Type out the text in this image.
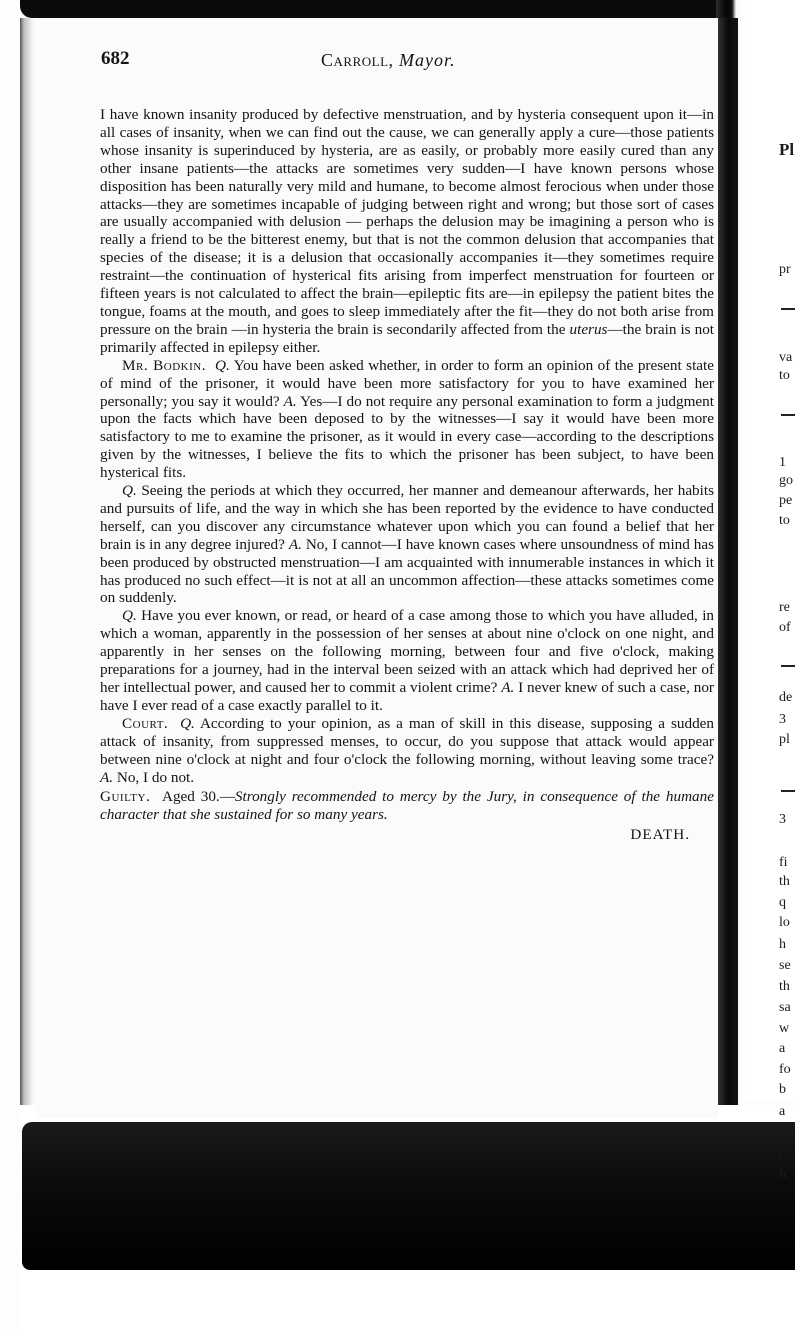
682	Carroll, Mayor.

I have known insanity produced by defective menstruation, and by hysteria consequent upon it—in all cases of insanity, when we can find out the cause, we can generally apply a cure—those patients whose insanity is superinduced by hysteria, are as easily, or probably more easily cured than any other insane patients—the attacks are sometimes very sudden—I have known persons whose disposition has been naturally very mild and humane, to become almost ferocious when under those attacks—they are sometimes incapable of judging between right and wrong; but those sort of cases are usually accompanied with delusion — perhaps the delusion may be imagining a person who is really a friend to be the bitterest enemy, but that is not the common delusion that accompanies that species of the disease; it is a delusion that occasionally accompanies it—they sometimes require restraint—the continuation of hysterical fits arising from imperfect menstruation for fourteen or fifteen years is not calculated to affect the brain—epileptic fits are—in epilepsy the patient bites the tongue, foams at the mouth, and goes to sleep immediately after the fit—they do not both arise from pressure on the brain —in hysteria the brain is secondarily affected from the uterus—the brain is not primarily affected in epilepsy either.

Mr. Bodkin. Q. You have been asked whether, in order to form an opinion of the present state of mind of the prisoner, it would have been more satisfactory for you to have examined her personally; you say it would? A. Yes—I do not require any personal examination to form a judgment upon the facts which have been deposed to by the witnesses—I say it would have been more satisfactory to me to examine the prisoner, as it would in every case—according to the descriptions given by the witnesses, I believe the fits to which the prisoner has been subject, to have been hysterical fits.

Q. Seeing the periods at which they occurred, her manner and demeanour afterwards, her habits and pursuits of life, and the way in which she has been reported by the evidence to have conducted herself, can you discover any circumstance whatever upon which you can found a belief that her brain is in any degree injured? A. No, I cannot—I have known cases where unsoundness of mind has been produced by obstructed menstruation—I am acquainted with innumerable instances in which it has produced no such effect—it is not at all an uncommon affection—these attacks sometimes come on suddenly.

Q. Have you ever known, or read, or heard of a case among those to which you have alluded, in which a woman, apparently in the possession of her senses at about nine o'clock on one night, and apparently in her senses on the following morning, between four and five o'clock, making preparations for a journey, had in the interval been seized with an attack which had deprived her of her intellectual power, and caused her to commit a violent crime? A. I never knew of such a case, nor have I ever read of a case exactly parallel to it.

Court. Q. According to your opinion, as a man of skill in this disease, supposing a sudden attack of insanity, from suppressed menses, to occur, do you suppose that attack would appear between nine o'clock at night and four o'clock the following morning, without leaving some trace? A. No, I do not.

Guilty. Aged 30.—Strongly recommended to mercy by the Jury, in consequence of the humane character that she sustained for so many years.

DEATH.

Pl
pr
va
to
1
go
pe
to
re
of
de
3
pl
3
fi
th
q
lo
h
se
th
sa
w
a
fo
b
a
c
h
